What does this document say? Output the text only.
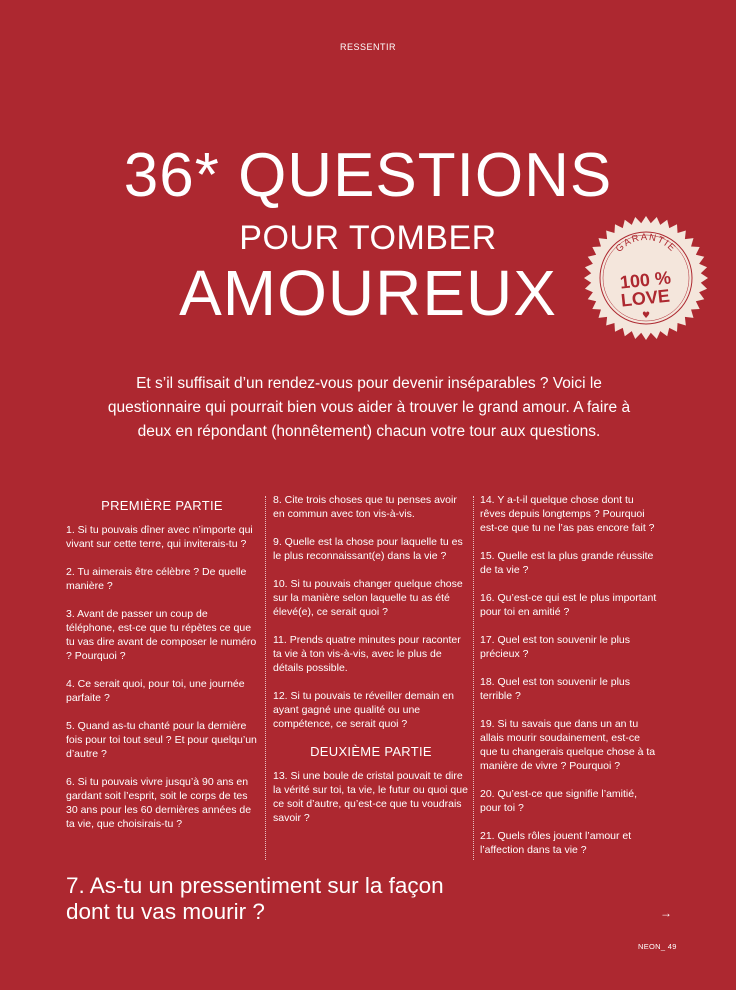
RESSENTIR
36* QUESTIONS
POUR TOMBER
AMOUREUX
GARANTIE
100 %
LOVE
♥
Et s’il suffisait d’un rendez-vous pour devenir inséparables ? Voici le questionnaire qui pourrait bien vous aider à trouver le grand amour. A faire à deux en répondant (honnêtement) chacun votre tour aux questions.
PREMIÈRE PARTIE
1. Si tu pouvais dîner avec n’importe qui vivant sur cette terre, qui inviterais-tu ?
2. Tu aimerais être célèbre ? De quelle manière ?
3. Avant de passer un coup de téléphone, est-ce que tu répètes ce que tu vas dire avant de composer le numéro ? Pourquoi ?
4. Ce serait quoi, pour toi, une journée parfaite ?
5. Quand as-tu chanté pour la dernière fois pour toi tout seul ? Et pour quelqu’un d’autre ?
6. Si tu pouvais vivre jusqu’à 90 ans en gardant soit l’esprit, soit le corps de tes 30 ans pour les 60 dernières années de ta vie, que choisirais-tu ?
8. Cite trois choses que tu penses avoir en commun avec ton vis-à-vis.
9. Quelle est la chose pour laquelle tu es le plus reconnaissant(e) dans la vie ?
10. Si tu pouvais changer quelque chose sur la manière selon laquelle tu as été élevé(e), ce serait quoi ?
11. Prends quatre minutes pour raconter ta vie à ton vis-à-vis, avec le plus de détails possible.
12. Si tu pouvais te réveiller demain en ayant gagné une qualité ou une compétence, ce serait quoi ?
DEUXIÈME PARTIE
13. Si une boule de cristal pouvait te dire la vérité sur toi, ta vie, le futur ou quoi que ce soit d’autre, qu’est-ce que tu voudrais savoir ?
14. Y a-t-il quelque chose dont tu rêves depuis longtemps ? Pourquoi est-ce que tu ne l’as pas encore fait ?
15. Quelle est la plus grande réussite de ta vie ?
16. Qu’est-ce qui est le plus important pour toi en amitié ?
17. Quel est ton souvenir le plus précieux ?
18. Quel est ton souvenir le plus terrible ?
19. Si tu savais que dans un an tu allais mourir soudainement, est-ce que tu changerais quelque chose à ta manière de vivre ? Pourquoi ?
20. Qu’est-ce que signifie l’amitié, pour toi ?
21. Quels rôles jouent l’amour et l’affection dans ta vie ?
7. As-tu un pressentiment sur la façon dont tu vas mourir ?	→
NEON_ 49
